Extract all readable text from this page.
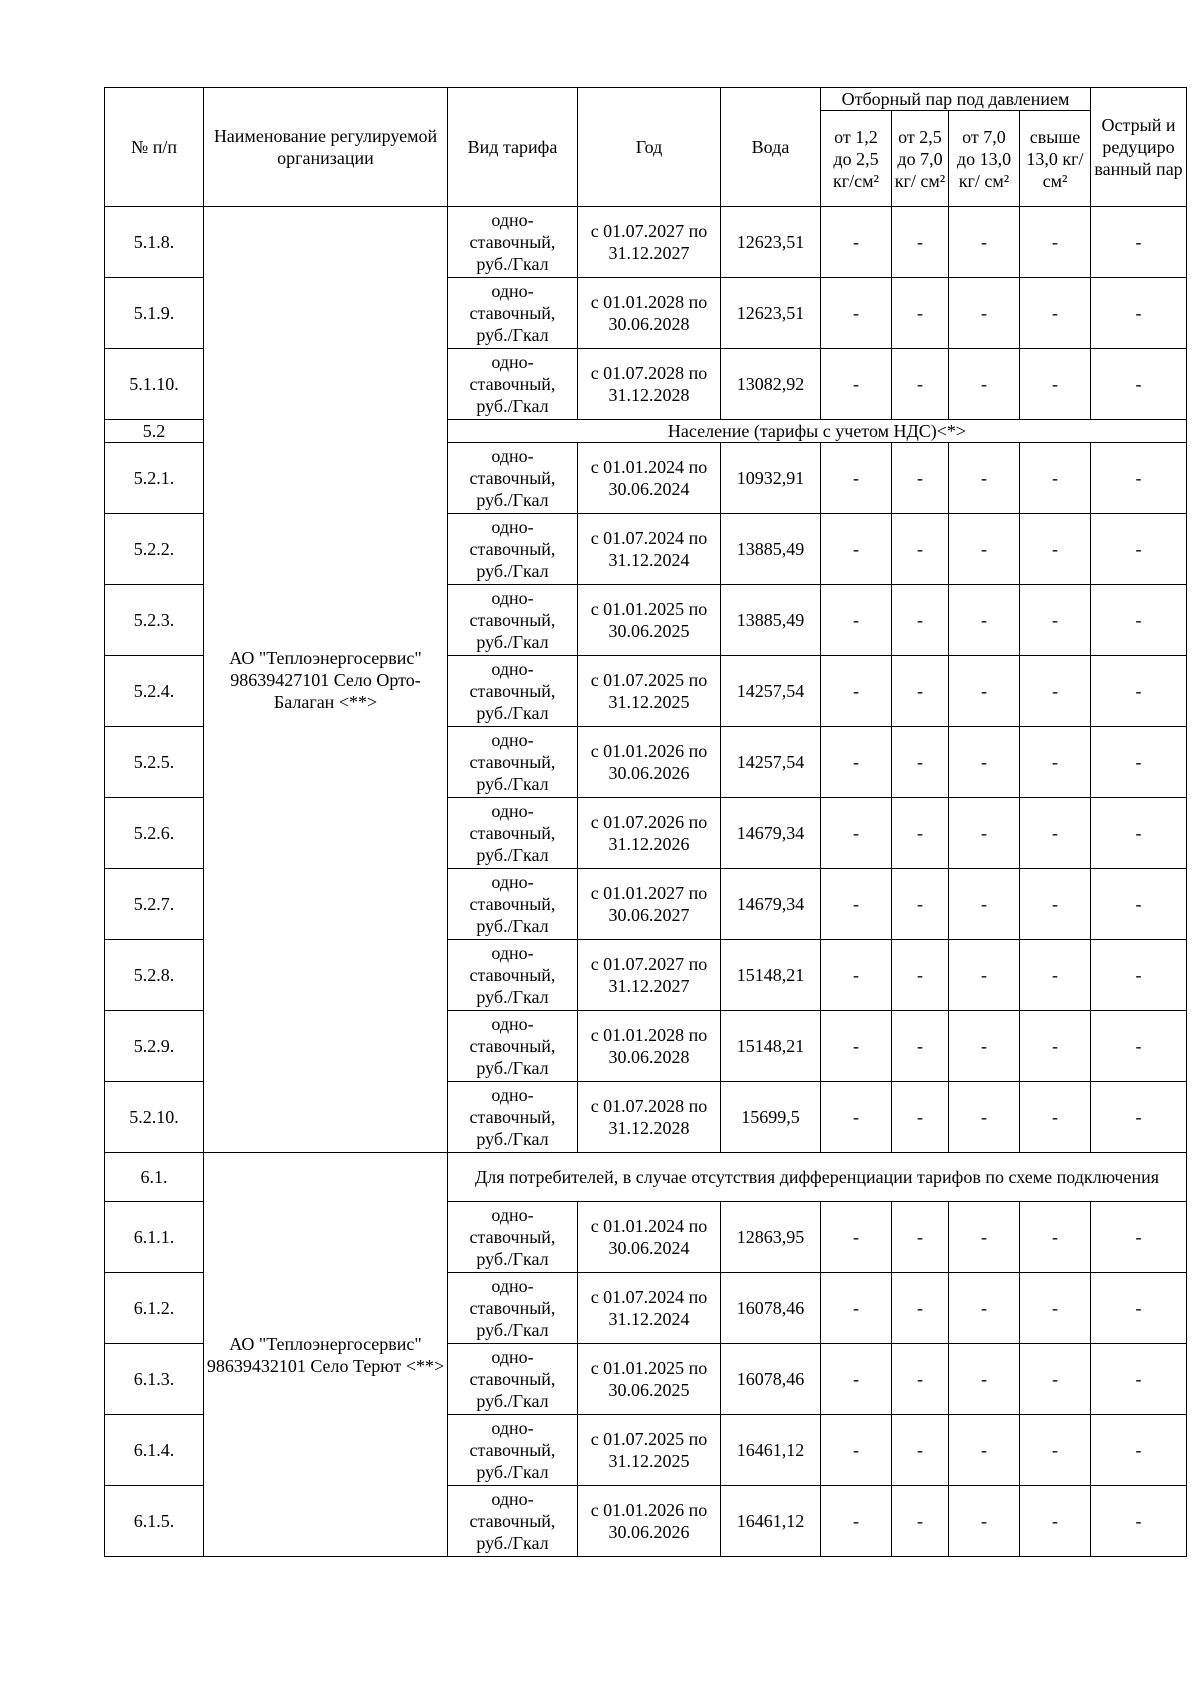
№ п/п	Наименование регулируемой организации	Вид тарифа	Год	Вода	Отборный пар под давлением				Острый и редуциро ванный пар
					от 1,2 до 2,5 кг/см²	от 2,5 до 7,0 кг/ см²	от 7,0 до 13,0 кг/ см²	свыше 13,0 кг/ см²	
5.1.8.	АО "Теплоэнергосервис" 98639427101 Село Орто-Балаган <**>	одно-ставочный, руб./Гкал	с 01.07.2027 по 31.12.2027	12623,51	-	-	-	-	-
5.1.9.		одно-ставочный, руб./Гкал	с 01.01.2028 по 30.06.2028	12623,51	-	-	-	-	-
5.1.10.		одно-ставочный, руб./Гкал	с 01.07.2028 по 31.12.2028	13082,92	-	-	-	-	-
5.2		Население (тарифы с учетом НДС)<*>							
5.2.1.		одно-ставочный, руб./Гкал	с 01.01.2024 по 30.06.2024	10932,91	-	-	-	-	-
5.2.2.		одно-ставочный, руб./Гкал	с 01.07.2024 по 31.12.2024	13885,49	-	-	-	-	-
5.2.3.		одно-ставочный, руб./Гкал	с 01.01.2025 по 30.06.2025	13885,49	-	-	-	-	-
5.2.4.		одно-ставочный, руб./Гкал	с 01.07.2025 по 31.12.2025	14257,54	-	-	-	-	-
5.2.5.		одно-ставочный, руб./Гкал	с 01.01.2026 по 30.06.2026	14257,54	-	-	-	-	-
5.2.6.		одно-ставочный, руб./Гкал	с 01.07.2026 по 31.12.2026	14679,34	-	-	-	-	-
5.2.7.		одно-ставочный, руб./Гкал	с 01.01.2027 по 30.06.2027	14679,34	-	-	-	-	-
5.2.8.		одно-ставочный, руб./Гкал	с 01.07.2027 по 31.12.2027	15148,21	-	-	-	-	-
5.2.9.		одно-ставочный, руб./Гкал	с 01.01.2028 по 30.06.2028	15148,21	-	-	-	-	-
5.2.10.		одно-ставочный, руб./Гкал	с 01.07.2028 по 31.12.2028	15699,5	-	-	-	-	-
6.1.	АО "Теплоэнергосервис" 98639432101 Село Терют <**>	Для потребителей, в случае отсутствия дифференциации тарифов по схеме подключения							
6.1.1.		одно-ставочный, руб./Гкал	с 01.01.2024 по 30.06.2024	12863,95	-	-	-	-	-
6.1.2.		одно-ставочный, руб./Гкал	с 01.07.2024 по 31.12.2024	16078,46	-	-	-	-	-
6.1.3.		одно-ставочный, руб./Гкал	с 01.01.2025 по 30.06.2025	16078,46	-	-	-	-	-
6.1.4.		одно-ставочный, руб./Гкал	с 01.07.2025 по 31.12.2025	16461,12	-	-	-	-	-
6.1.5.		одно-ставочный, руб./Гкал	с 01.01.2026 по 30.06.2026	16461,12	-	-	-	-	-
